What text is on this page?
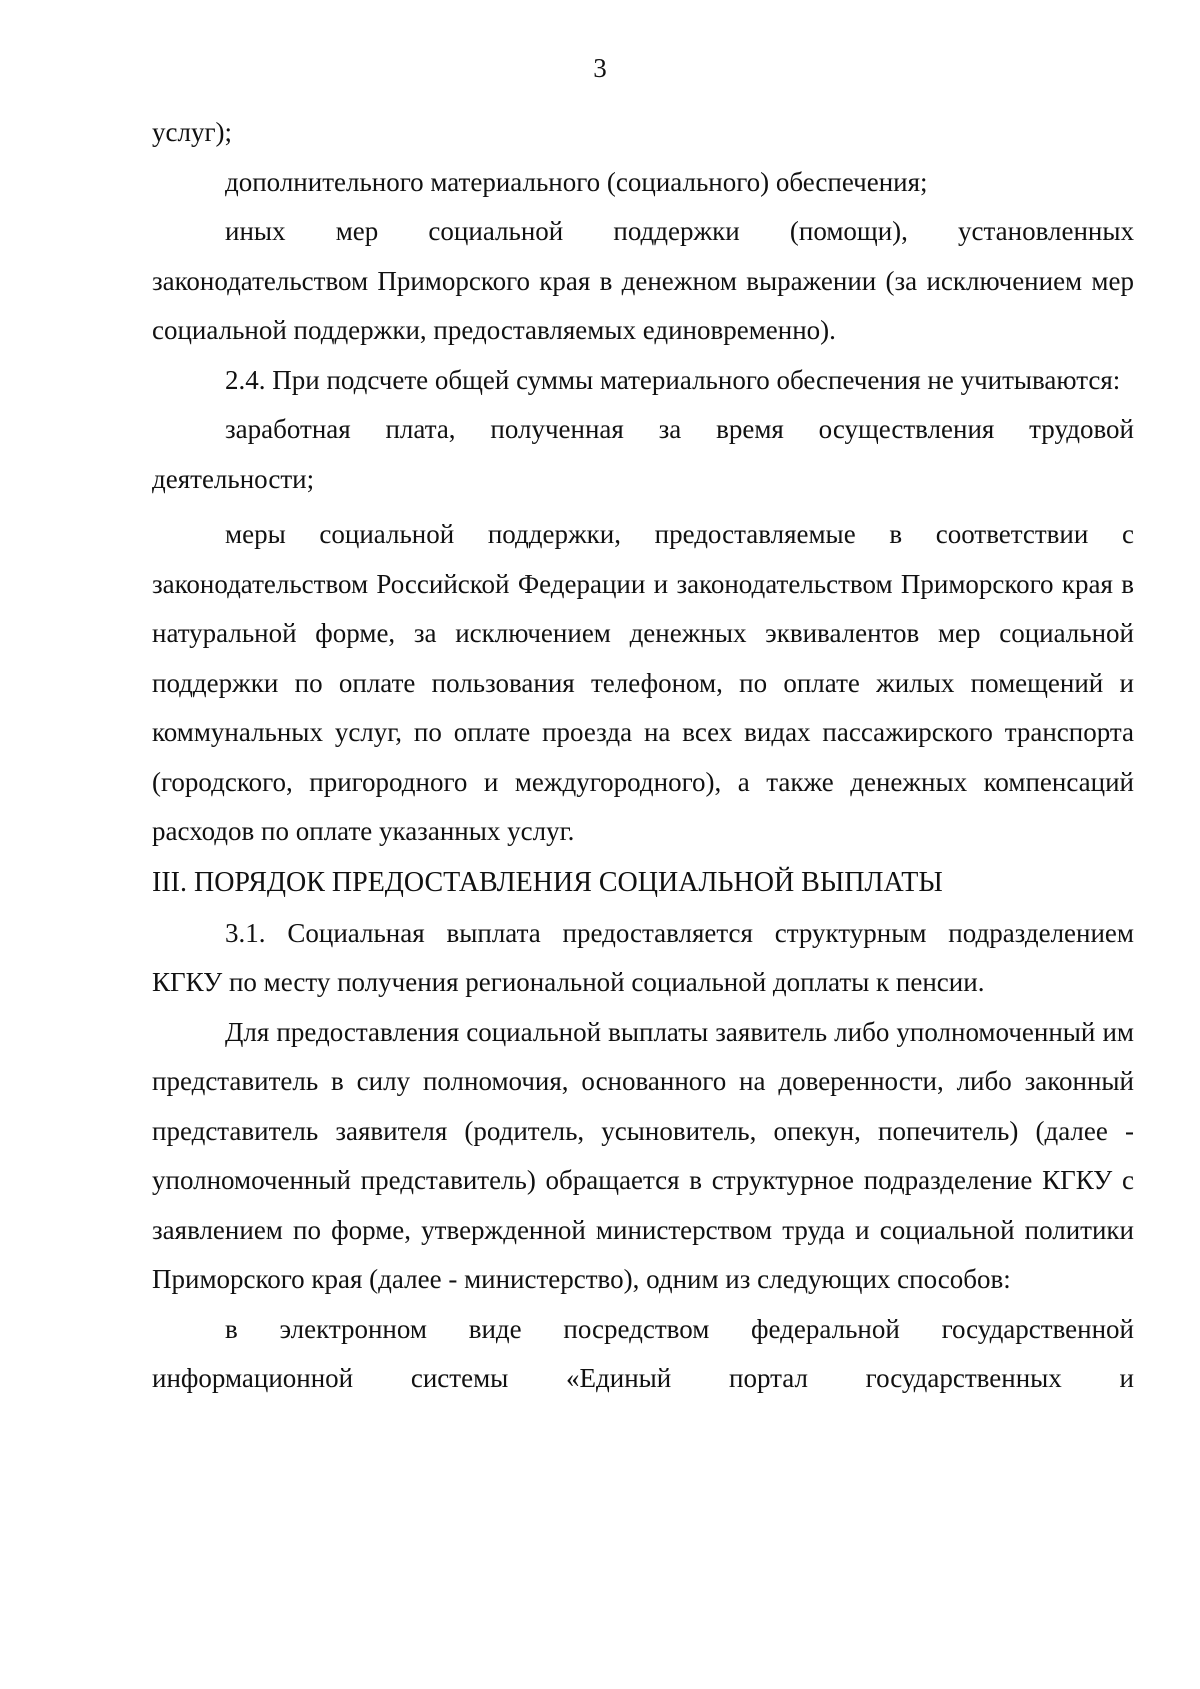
3

услуг);

дополнительного материального (социального) обеспечения;

иных мер социальной поддержки (помощи), установленных законодательством Приморского края в денежном выражении (за исключением мер социальной поддержки, предоставляемых единовременно).

2.4. При подсчете общей суммы материального обеспечения не учитываются:

заработная плата, полученная за время осуществления трудовой деятельности;

меры социальной поддержки, предоставляемые в соответствии с законодательством Российской Федерации и законодательством Приморского края в натуральной форме, за исключением денежных эквивалентов мер социальной поддержки по оплате пользования телефоном, по оплате жилых помещений и коммунальных услуг, по оплате проезда на всех видах пассажирского транспорта (городского, пригородного и междугородного), а также денежных компенсаций расходов по оплате указанных услуг.

III. ПОРЯДОК ПРЕДОСТАВЛЕНИЯ СОЦИАЛЬНОЙ ВЫПЛАТЫ

3.1. Социальная выплата предоставляется структурным подразделением КГКУ по месту получения региональной социальной доплаты к пенсии.

Для предоставления социальной выплаты заявитель либо уполномоченный им представитель в силу полномочия, основанного на доверенности, либо законный представитель заявителя (родитель, усыновитель, опекун, попечитель) (далее - уполномоченный представитель) обращается в структурное подразделение КГКУ с заявлением по форме, утвержденной министерством труда и социальной политики Приморского края (далее - министерство), одним из следующих способов:

в электронном виде посредством федеральной государственной информационной системы «Единый портал государственных и
